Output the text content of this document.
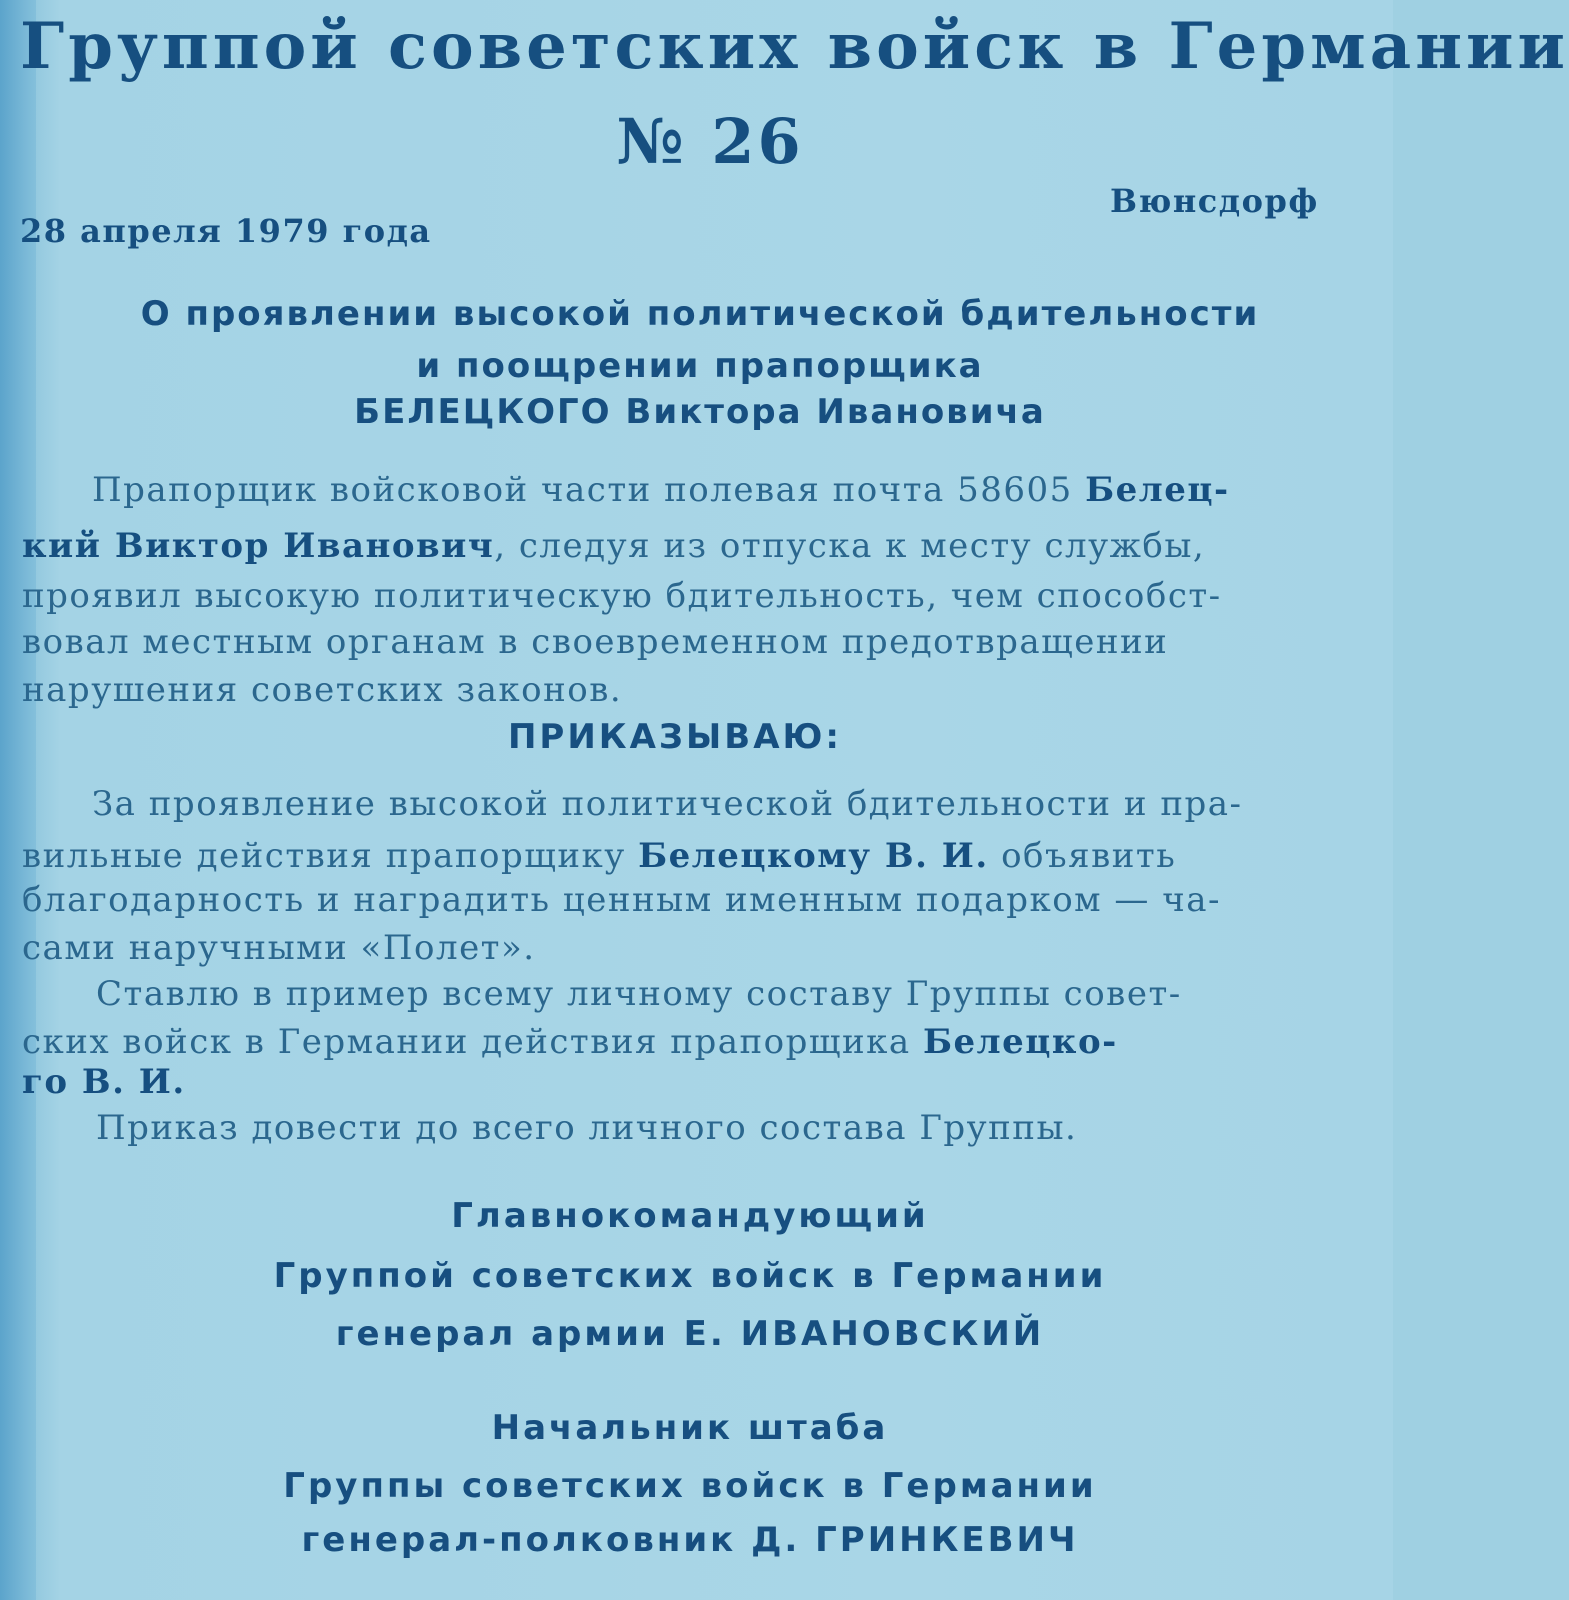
Группой советских войск в Германии
№ 26
28 апреля 1979 года
Вюнсдорф
О проявлении высокой политической бдительности
и поощрении прапорщика
БЕЛЕЦКОГО Виктора Ивановича
Прапорщик войсковой части полевая почта 58605 Белец-
кий Виктор Иванович, следуя из отпуска к месту службы,
проявил высокую политическую бдительность, чем способст-
вовал местным органам в своевременном предотвращении
нарушения советских законов.
ПРИКАЗЫВАЮ:
За проявление высокой политической бдительности и пра-
вильные действия прапорщику Белецкому В. И. объявить
благодарность и наградить ценным именным подарком — ча-
сами наручными «Полет».
Ставлю в пример всему личному составу Группы совет-
ских войск в Германии действия прапорщика Белецко-
го В. И.
Приказ довести до всего личного состава Группы.
Главнокомандующий
Группой советских войск в Германии
генерал армии Е. ИВАНОВСКИЙ
Начальник штаба
Группы советских войск в Германии
генерал-полковник Д. ГРИНКЕВИЧ
